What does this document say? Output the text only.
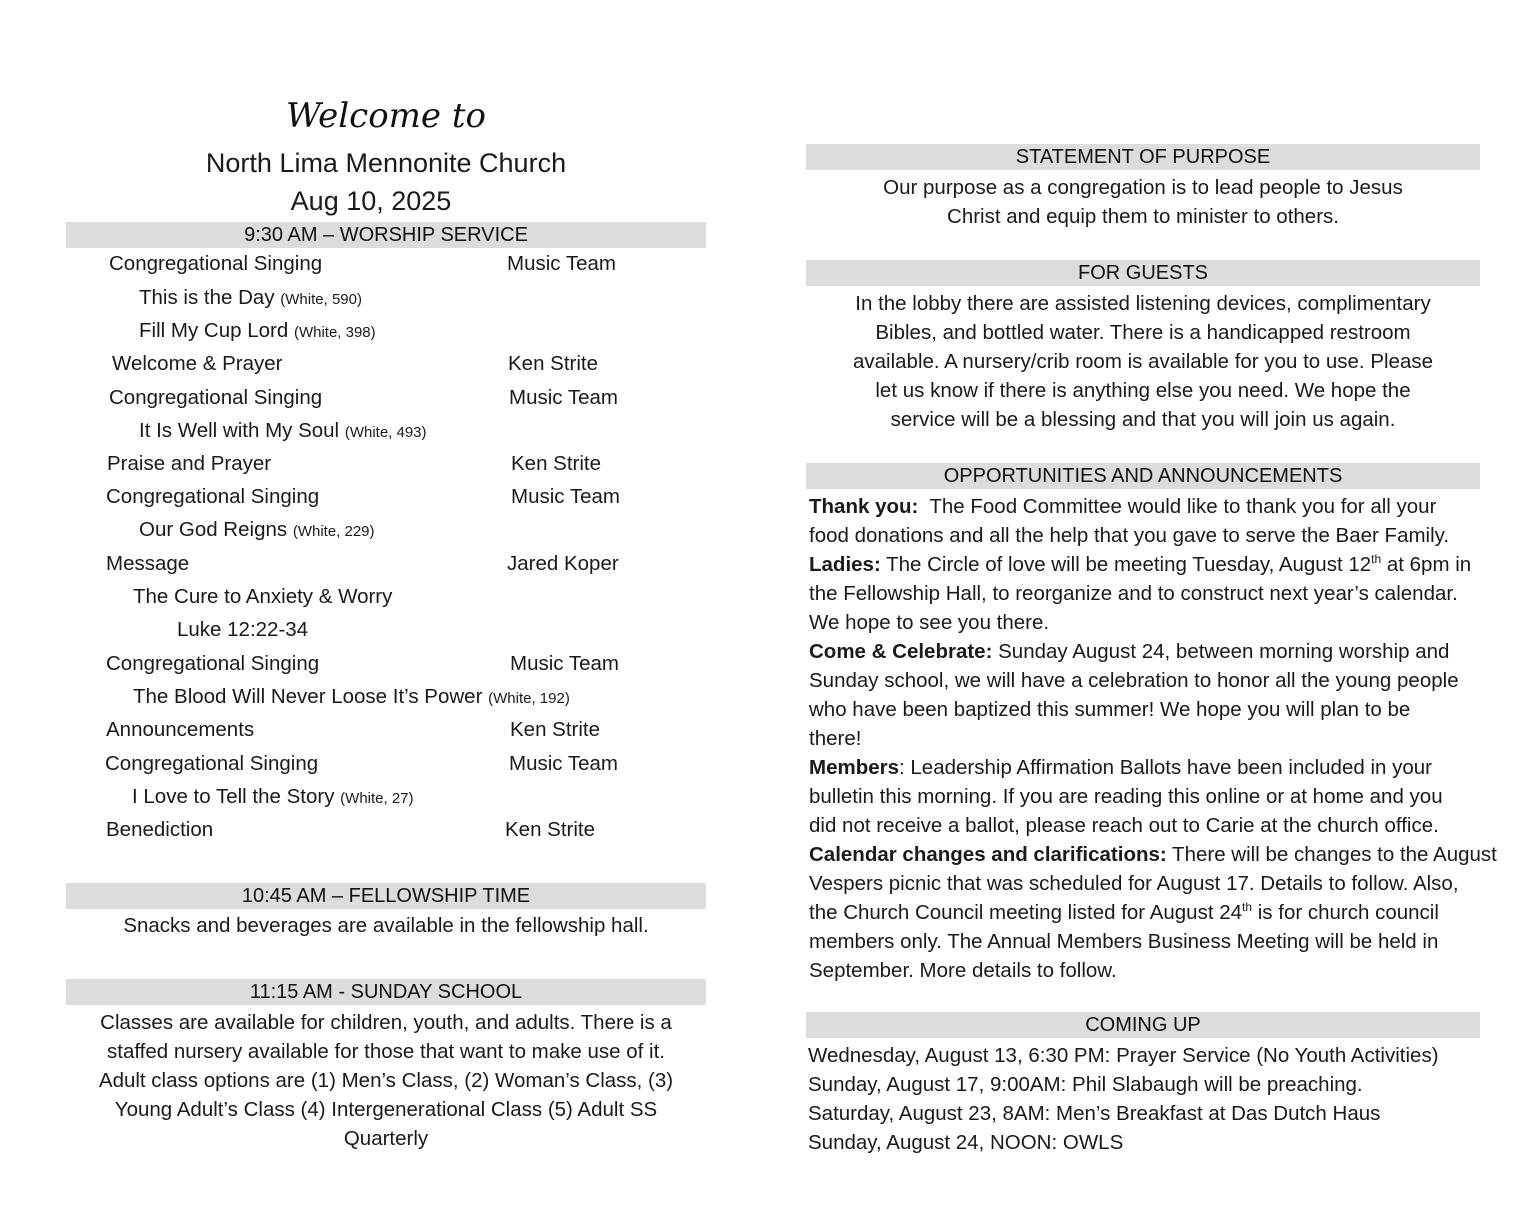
Welcome to
North Lima Mennonite Church
Aug 10, 2025
9:30 AM – WORSHIP SERVICE
Congregational Singing	Music Team
This is the Day (White, 590)
Fill My Cup Lord (White, 398)
Welcome & Prayer	Ken Strite
Congregational Singing	Music Team
It Is Well with My Soul (White, 493)
Praise and Prayer	Ken Strite
Congregational Singing	Music Team
Our God Reigns (White, 229)
Message	Jared Koper
The Cure to Anxiety & Worry
Luke 12:22-34
Congregational Singing	Music Team
The Blood Will Never Loose It’s Power (White, 192)
Announcements	Ken Strite
Congregational Singing	Music Team
I Love to Tell the Story (White, 27)
Benediction	Ken Strite
10:45 AM – FELLOWSHIP TIME
Snacks and beverages are available in the fellowship hall.
11:15 AM - SUNDAY SCHOOL
Classes are available for children, youth, and adults. There is a
staffed nursery available for those that want to make use of it.
Adult class options are (1) Men’s Class, (2) Woman’s Class, (3)
Young Adult’s Class (4) Intergenerational Class (5) Adult SS
Quarterly
STATEMENT OF PURPOSE
Our purpose as a congregation is to lead people to Jesus
Christ and equip them to minister to others.
FOR GUESTS
In the lobby there are assisted listening devices, complimentary
Bibles, and bottled water. There is a handicapped restroom
available. A nursery/crib room is available for you to use. Please
let us know if there is anything else you need. We hope the
service will be a blessing and that you will join us again.
OPPORTUNITIES AND ANNOUNCEMENTS
Thank you:  The Food Committee would like to thank you for all your
food donations and all the help that you gave to serve the Baer Family.
Ladies: The Circle of love will be meeting Tuesday, August 12th at 6pm in
the Fellowship Hall, to reorganize and to construct next year’s calendar.
We hope to see you there.
Come & Celebrate: Sunday August 24, between morning worship and
Sunday school, we will have a celebration to honor all the young people
who have been baptized this summer! We hope you will plan to be
there!
Members: Leadership Affirmation Ballots have been included in your
bulletin this morning. If you are reading this online or at home and you
did not receive a ballot, please reach out to Carie at the church office.
Calendar changes and clarifications: There will be changes to the August
Vespers picnic that was scheduled for August 17. Details to follow. Also,
the Church Council meeting listed for August 24th is for church council
members only. The Annual Members Business Meeting will be held in
September. More details to follow.
COMING UP
Wednesday, August 13, 6:30 PM: Prayer Service (No Youth Activities)
Sunday, August 17, 9:00AM: Phil Slabaugh will be preaching.
Saturday, August 23, 8AM: Men’s Breakfast at Das Dutch Haus
Sunday, August 24, NOON: OWLS
